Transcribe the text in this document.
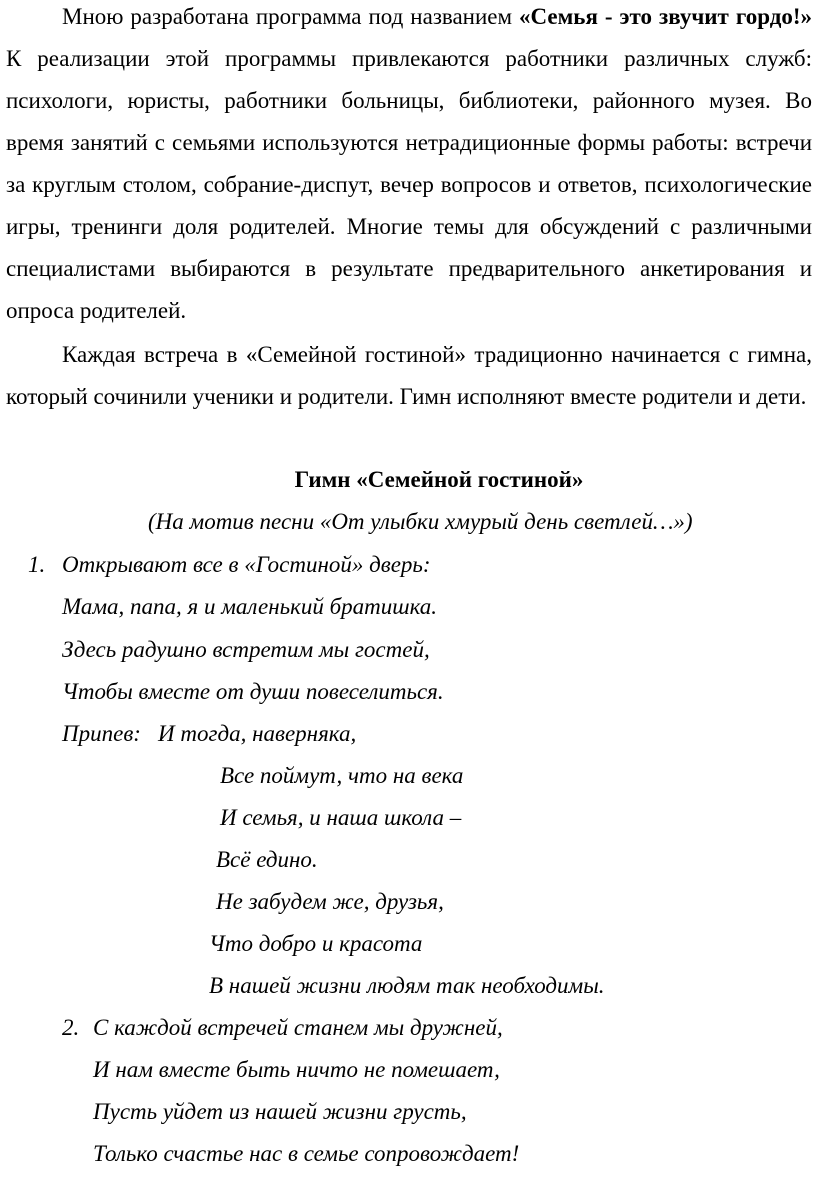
Мною разработана программа под названием «Семья - это звучит гордо!» К реализации этой программы привлекаются работники различных служб: психологи, юристы, работники больницы, библиотеки, районного музея. Во время занятий с семьями используются нетрадиционные формы работы: встречи за круглым столом, собрание-диспут, вечер вопросов и ответов, психологические игры, тренинги доля родителей. Многие темы для обсуждений с различными специалистами выбираются в результате предварительного анкетирования и опроса родителей.

Каждая встреча в «Семейной гостиной» традиционно начинается с гимна, который сочинили ученики и родители. Гимн исполняют вместе родители и дети.

Гимн «Семейной гостиной»
(На мотив песни «От улыбки хмурый день светлей…»)
1. Открывают все в «Гостиной» дверь:
Мама, папа, я и маленький братишка.
Здесь радушно встретим мы гостей,
Чтобы вместе от души повеселиться.
Припев: И тогда, наверняка,
Все поймут, что на века
И семья, и наша школа –
Всё едино.
Не забудем же, друзья,
Что добро и красота
В нашей жизни людям так необходимы.
2. С каждой встречей станем мы дружней,
И нам вместе быть ничто не помешает,
Пусть уйдет из нашей жизни грусть,
Только счастье нас в семье сопровождает!
